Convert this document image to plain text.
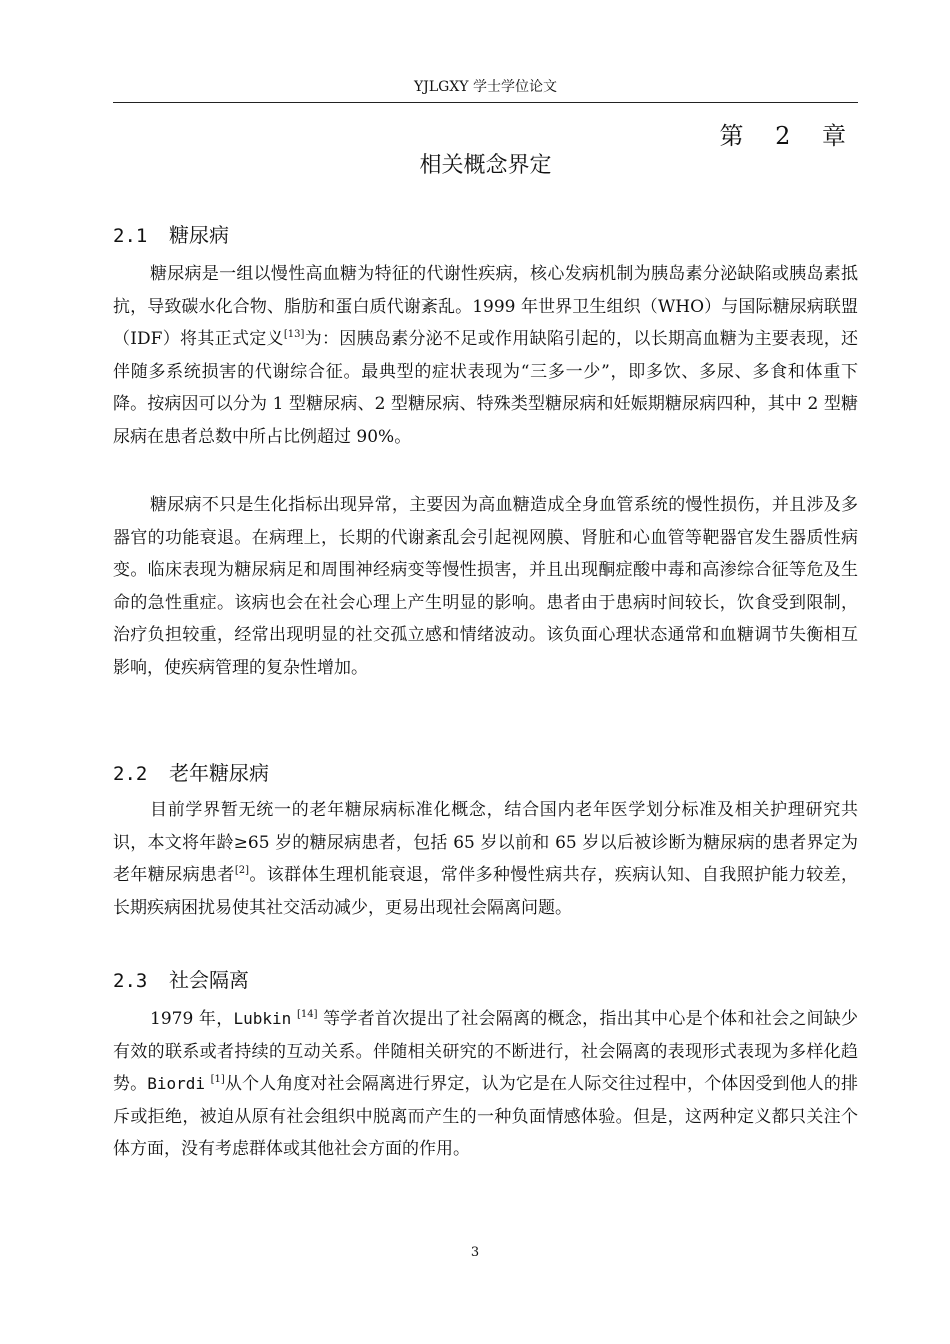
YJLGXY 学士学位论文
第 2 章
相关概念界定
2.1 糖尿病

糖尿病是一组以慢性高血糖为特征的代谢性疾病，核心发病机制为胰岛素分泌缺陷或胰岛素抵抗，导致碳水化合物、脂肪和蛋白质代谢紊乱。1999 年世界卫生组织（WHO）与国际糖尿病联盟（IDF）将其正式定义[13]为：因胰岛素分泌不足或作用缺陷引起的，以长期高血糖为主要表现，还伴随多系统损害的代谢综合征。最典型的症状表现为“三多一少”，即多饮、多尿、多食和体重下降。按病因可以分为 1 型糖尿病、2 型糖尿病、特殊类型糖尿病和妊娠期糖尿病四种，其中 2 型糖尿病在患者总数中所占比例超过 90%。

糖尿病不只是生化指标出现异常，主要因为高血糖造成全身血管系统的慢性损伤，并且涉及多器官的功能衰退。在病理上，长期的代谢紊乱会引起视网膜、肾脏和心血管等靶器官发生器质性病变。临床表现为糖尿病足和周围神经病变等慢性损害，并且出现酮症酸中毒和高渗综合征等危及生命的急性重症。该病也会在社会心理上产生明显的影响。患者由于患病时间较长，饮食受到限制，治疗负担较重，经常出现明显的社交孤立感和情绪波动。该负面心理状态通常和血糖调节失衡相互影响，使疾病管理的复杂性增加。

2.2 老年糖尿病

目前学界暂无统一的老年糖尿病标准化概念，结合国内老年医学划分标准及相关护理研究共识，本文将年龄≥65 岁的糖尿病患者，包括 65 岁以前和 65 岁以后被诊断为糖尿病的患者界定为老年糖尿病患者[2]。该群体生理机能衰退，常伴多种慢性病共存，疾病认知、自我照护能力较差，长期疾病困扰易使其社交活动减少，更易出现社会隔离问题。

2.3 社会隔离

1979 年，Lubkin [14] 等学者首次提出了社会隔离的概念，指出其中心是个体和社会之间缺少有效的联系或者持续的互动关系。伴随相关研究的不断进行，社会隔离的表现形式表现为多样化趋势。Biordi [1]从个人角度对社会隔离进行界定，认为它是在人际交往过程中，个体因受到他人的排斥或拒绝，被迫从原有社会组织中脱离而产生的一种负面情感体验。但是，这两种定义都只关注个体方面，没有考虑群体或其他社会方面的作用。

3
